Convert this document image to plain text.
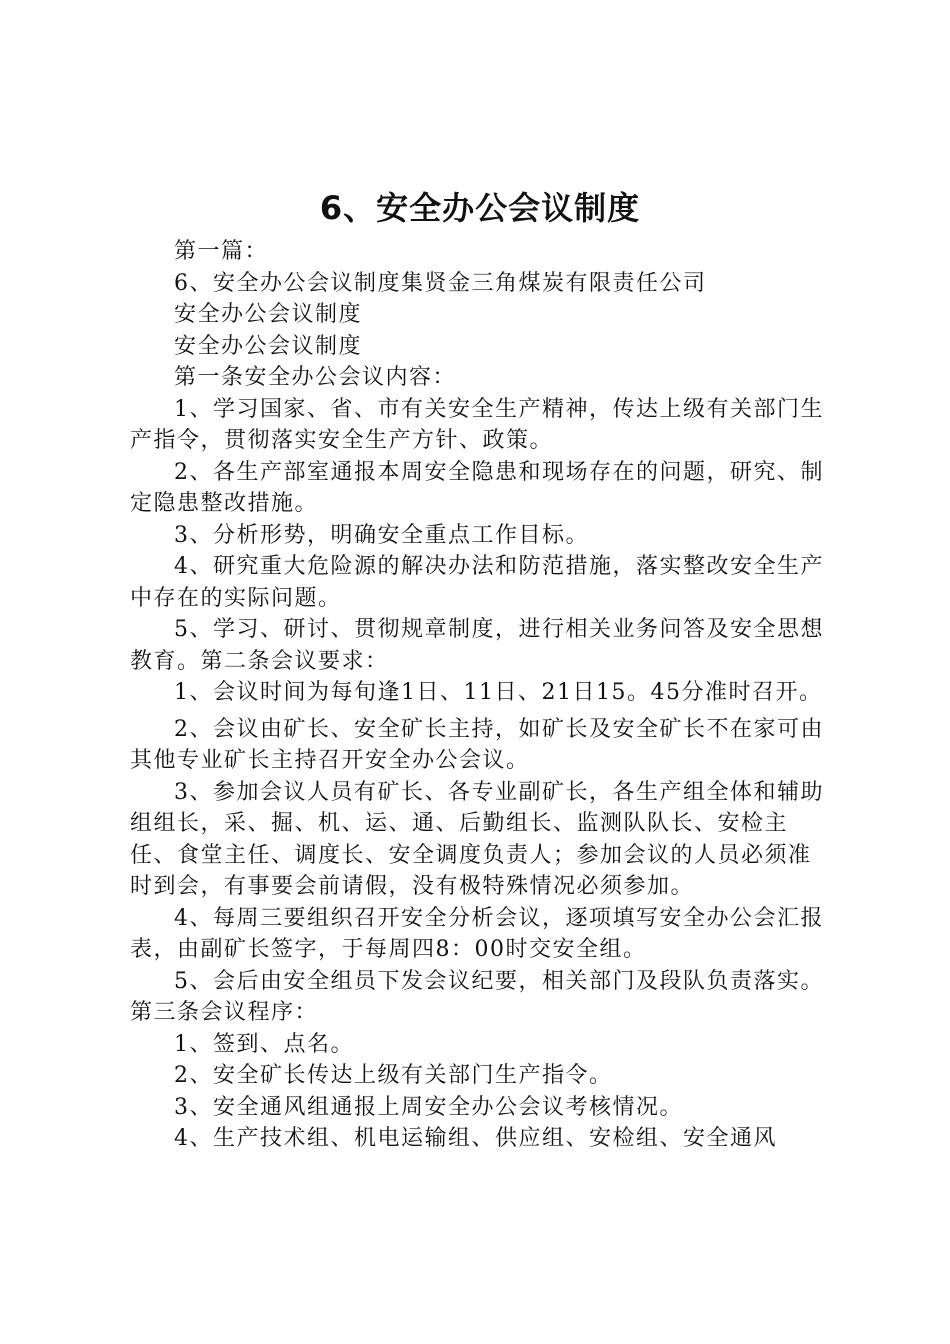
6、安全办公会议制度

第一篇：

6、安全办公会议制度集贤金三角煤炭有限责任公司

安全办公会议制度

安全办公会议制度

第一条安全办公会议内容：

1、学习国家、省、市有关安全生产精神，传达上级有关部门生产指令，贯彻落实安全生产方针、政策。

2、各生产部室通报本周安全隐患和现场存在的问题，研究、制定隐患整改措施。

3、分析形势，明确安全重点工作目标。

4、研究重大危险源的解决办法和防范措施，落实整改安全生产中存在的实际问题。

5、学习、研讨、贯彻规章制度，进行相关业务问答及安全思想教育。第二条会议要求：

1、会议时间为每旬逢1日、11日、21日15。45分准时召开。

2、会议由矿长、安全矿长主持，如矿长及安全矿长不在家可由其他专业矿长主持召开安全办公会议。

3、参加会议人员有矿长、各专业副矿长，各生产组全体和辅助组组长，采、掘、机、运、通、后勤组长、监测队队长、安检主任、食堂主任、调度长、安全调度负责人；参加会议的人员必须准时到会，有事要会前请假，没有极特殊情况必须参加。

4、每周三要组织召开安全分析会议，逐项填写安全办公会汇报表，由副矿长签字，于每周四8：00时交安全组。

5、会后由安全组员下发会议纪要，相关部门及段队负责落实。第三条会议程序：

1、签到、点名。

2、安全矿长传达上级有关部门生产指令。

3、安全通风组通报上周安全办公会议考核情况。

4、生产技术组、机电运输组、供应组、安检组、安全通风
